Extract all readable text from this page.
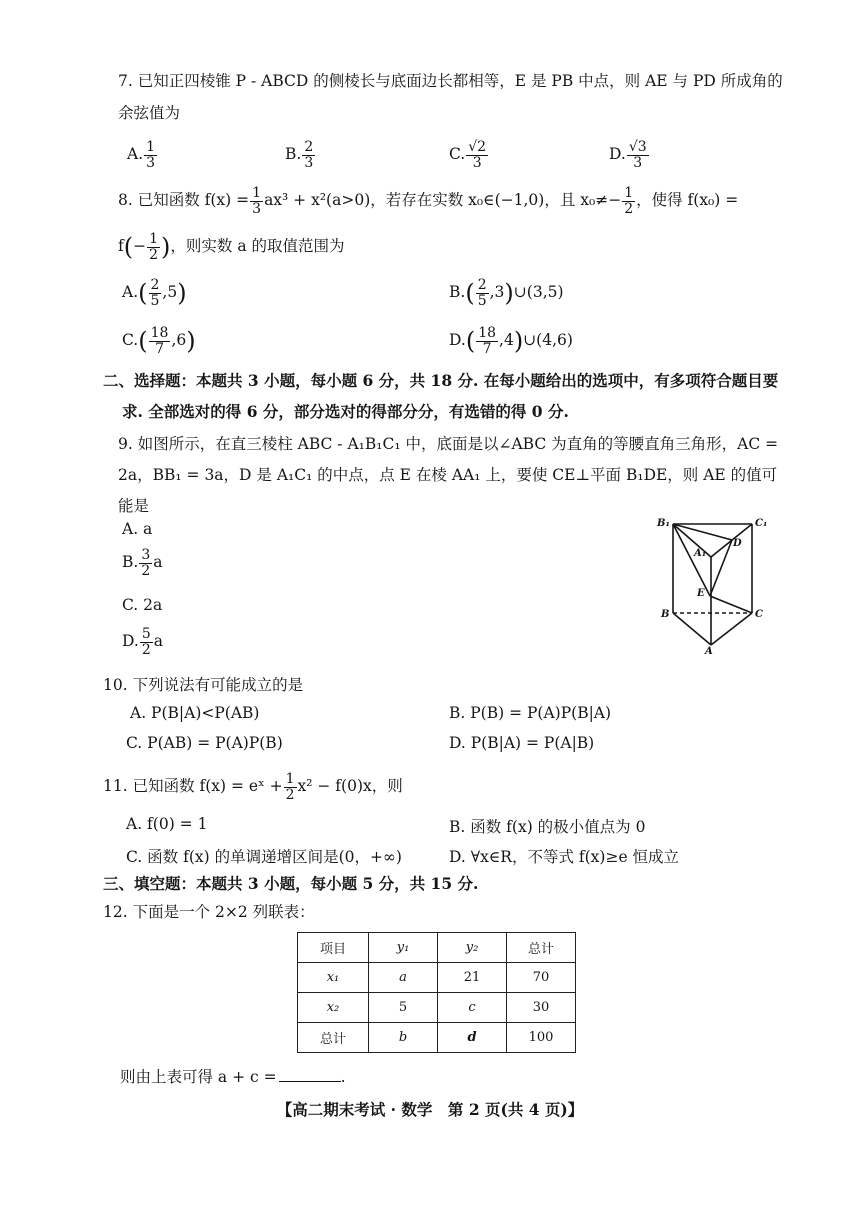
7. 已知正四棱锥 P - ABCD 的侧棱长与底面边长都相等，E 是 PB 中点，则 AE 与 PD 所成角的
余弦值为
A. $\frac{1}{3}$	B. $\frac{2}{3}$	C. $\frac{√2}{3}$	D. $\frac{√3}{3}$
8. 已知函数 $f(x) = \frac{1}{3} ax^3 + x^2(a>0)$，若存在实数 x₀∈(−1,0)，且 $x_0\ne- \frac{1}{2}$ ，使得 f(x₀) =
$f(- \frac{1}{2}$ )，则实数 a 的取值范围为
$A.( \frac{2}{5} ,5)$	$B.( \frac{2}{5}$ ,3)∪(3,5)
$C.( \frac{18}{7} ,6)$	$D.( \frac{18}{7}$ ,4)∪(4,6)
二、选择题：本题共 3 小题，每小题 6 分，共 18 分. 在每小题给出的选项中，有多项符合题目要
求. 全部选对的得 6 分，部分选对的得部分分，有选错的得 0 分.
9. 如图所示，在直三棱柱 ABC - A₁B₁C₁ 中，底面是以∠ABC 为直角的等腰直角三角形，AC =
2a，BB₁ = 3a，D 是 A₁C₁ 的中点，点 E 在棱 AA₁ 上，要使 CE⊥平面 B₁DE，则 AE 的值可
能是
A. a
B. $\frac{3}{2}$ a
C. 2a
D. $\frac{5}{2}$ a
B₁	C₁
A₁
D
E
B	C
A
10. 下列说法有可能成立的是
A. P(B|A)<P(AB)	B. P(B) = P(A)P(B|A)
C. P(AB) = P(A)P(B)	D. P(B|A) = P(A|B)
11. 已知函数 f(x) = eˣ + $\frac{1}{2} x^2 - f(0)x$，则
A. f(0) = 1	B. 函数 f(x) 的极小值点为 0
C. 函数 f(x) 的单调递增区间是(0，+∞)	D. ∀x∈R，不等式 f(x)≥e 恒成立
三、填空题：本题共 3 小题，每小题 5 分，共 15 分.
12. 下面是一个 2×2 列联表：
项目	y₁	y₂	总计
x₁	a	21	70
x₂	5	c	30
总计	b	d	100
则由上表可得 a + c =	.
【高二期末考试 · 数学　第 2 页(共 4 页)】
